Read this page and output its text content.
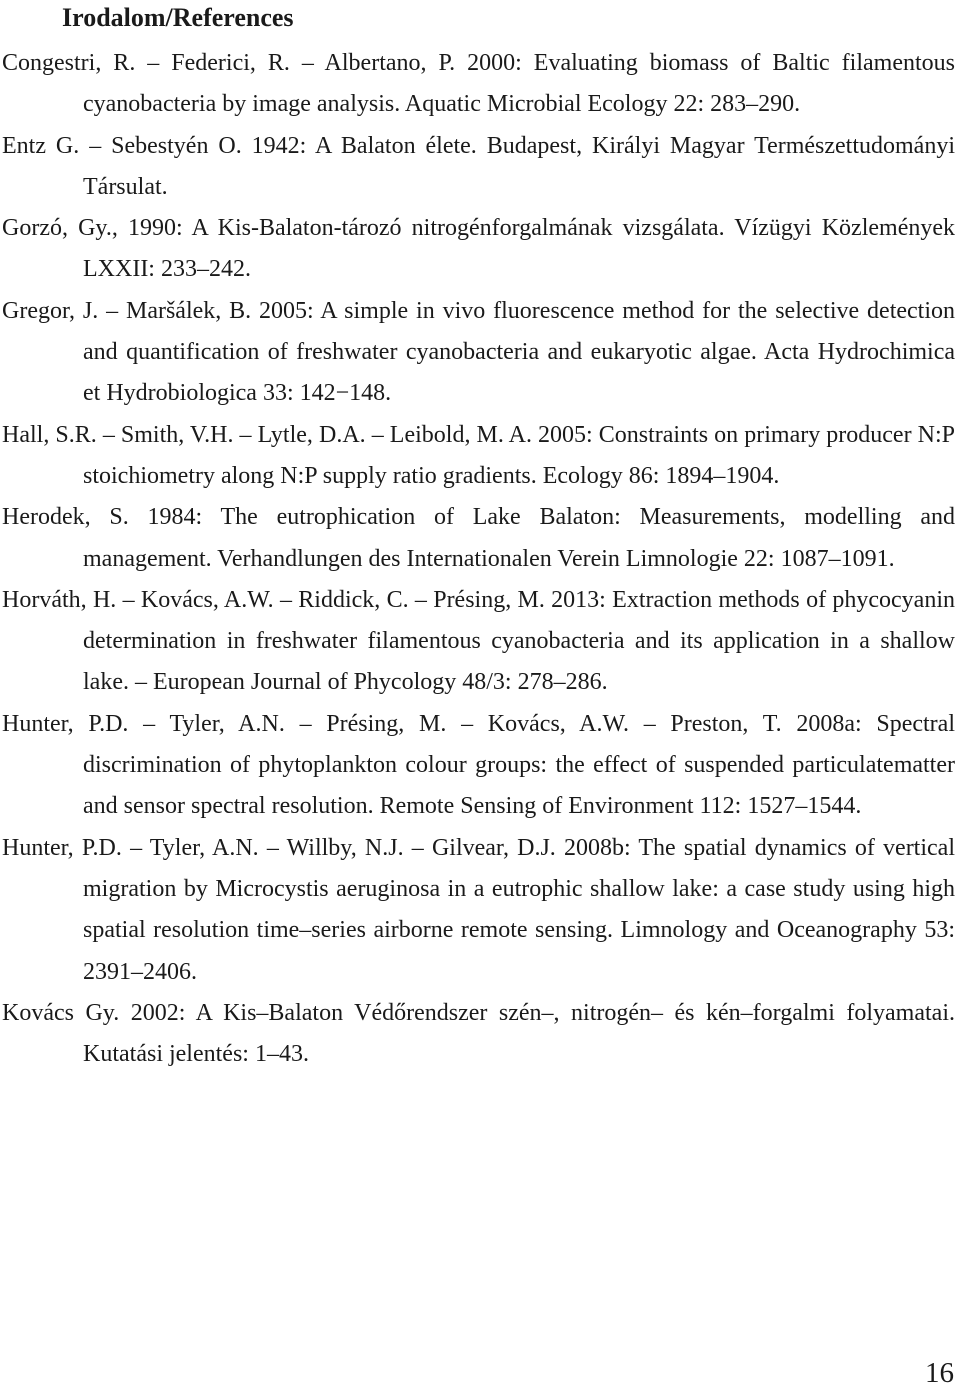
Irodalom/References
Congestri, R. – Federici, R. – Albertano, P. 2000: Evaluating biomass of Baltic filamentous cyanobacteria by image analysis. Aquatic Microbial Ecology 22: 283–290.
Entz G. – Sebestyén O. 1942: A Balaton élete. Budapest, Királyi Magyar Természettudományi Társulat.
Gorzó, Gy., 1990: A Kis-Balaton-tározó nitrogénforgalmának vizsgálata. Vízügyi Közlemények LXXII: 233–242.
Gregor, J. – Maršálek, B. 2005: A simple in vivo fluorescence method for the selective detection and quantification of freshwater cyanobacteria and eukaryotic algae. Acta Hydrochimica et Hydrobiologica 33: 142−148.
Hall, S.R. – Smith, V.H. – Lytle, D.A. – Leibold, M. A. 2005: Constraints on primary producer N:P stoichiometry along N:P supply ratio gradients. Ecology 86: 1894–1904.
Herodek, S. 1984: The eutrophication of Lake Balaton: Measurements, modelling and management. Verhandlungen des Internationalen Verein Limnologie 22: 1087–1091.
Horváth, H. – Kovács, A.W. – Riddick, C. – Présing, M. 2013: Extraction methods of phycocyanin determination in freshwater filamentous cyanobacteria and its application in a shallow lake. – European Journal of Phycology 48/3: 278–286.
Hunter, P.D. – Tyler, A.N. – Présing, M. – Kovács, A.W. – Preston, T. 2008a: Spectral discrimination of phytoplankton colour groups: the effect of suspended particulatematter and sensor spectral resolution. Remote Sensing of Environment 112: 1527–1544.
Hunter, P.D. – Tyler, A.N. – Willby, N.J. – Gilvear, D.J. 2008b: The spatial dynamics of vertical migration by Microcystis aeruginosa in a eutrophic shallow lake: a case study using high spatial resolution time–series airborne remote sensing. Limnology and Oceanography 53: 2391–2406.
Kovács Gy. 2002: A Kis–Balaton Védőrendszer szén–, nitrogén– és kén–forgalmi folyamatai. Kutatási jelentés: 1–43.
16
